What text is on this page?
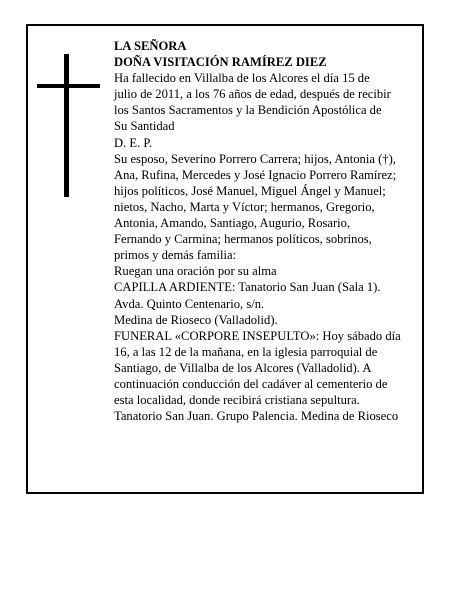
LA SEÑORA
DOÑA VISITACIÓN RAMÍREZ DIEZ
Ha fallecido en Villalba de los Alcores el día 15 de
julio de 2011, a los 76 años de edad, después de recibir
los Santos Sacramentos y la Bendición Apostólica de
Su Santidad
D. E. P.
Su esposo, Severino Porrero Carrera; hijos, Antonia (†),
Ana, Rufina, Mercedes y José Ignacio Porrero Ramírez;
hijos políticos, José Manuel, Miguel Ángel y Manuel;
nietos, Nacho, Marta y Víctor; hermanos, Gregorio,
Antonia, Amando, Santiago, Augurio, Rosario,
Fernando y Carmina; hermanos políticos, sobrinos,
primos y demás familia:
Ruegan una oración por su alma
CAPILLA ARDIENTE: Tanatorio San Juan (Sala 1).
Avda. Quinto Centenario, s/n.
Medina de Rioseco (Valladolid).
FUNERAL «CORPORE INSEPULTO»: Hoy sábado día
16, a las 12 de la mañana, en la iglesia parroquial de
Santiago, de Villalba de los Alcores (Valladolid). A
continuación conducción del cadáver al cementerio de
esta localidad, donde recibirá cristiana sepultura.
Tanatorio San Juan. Grupo Palencia. Medina de Rioseco
